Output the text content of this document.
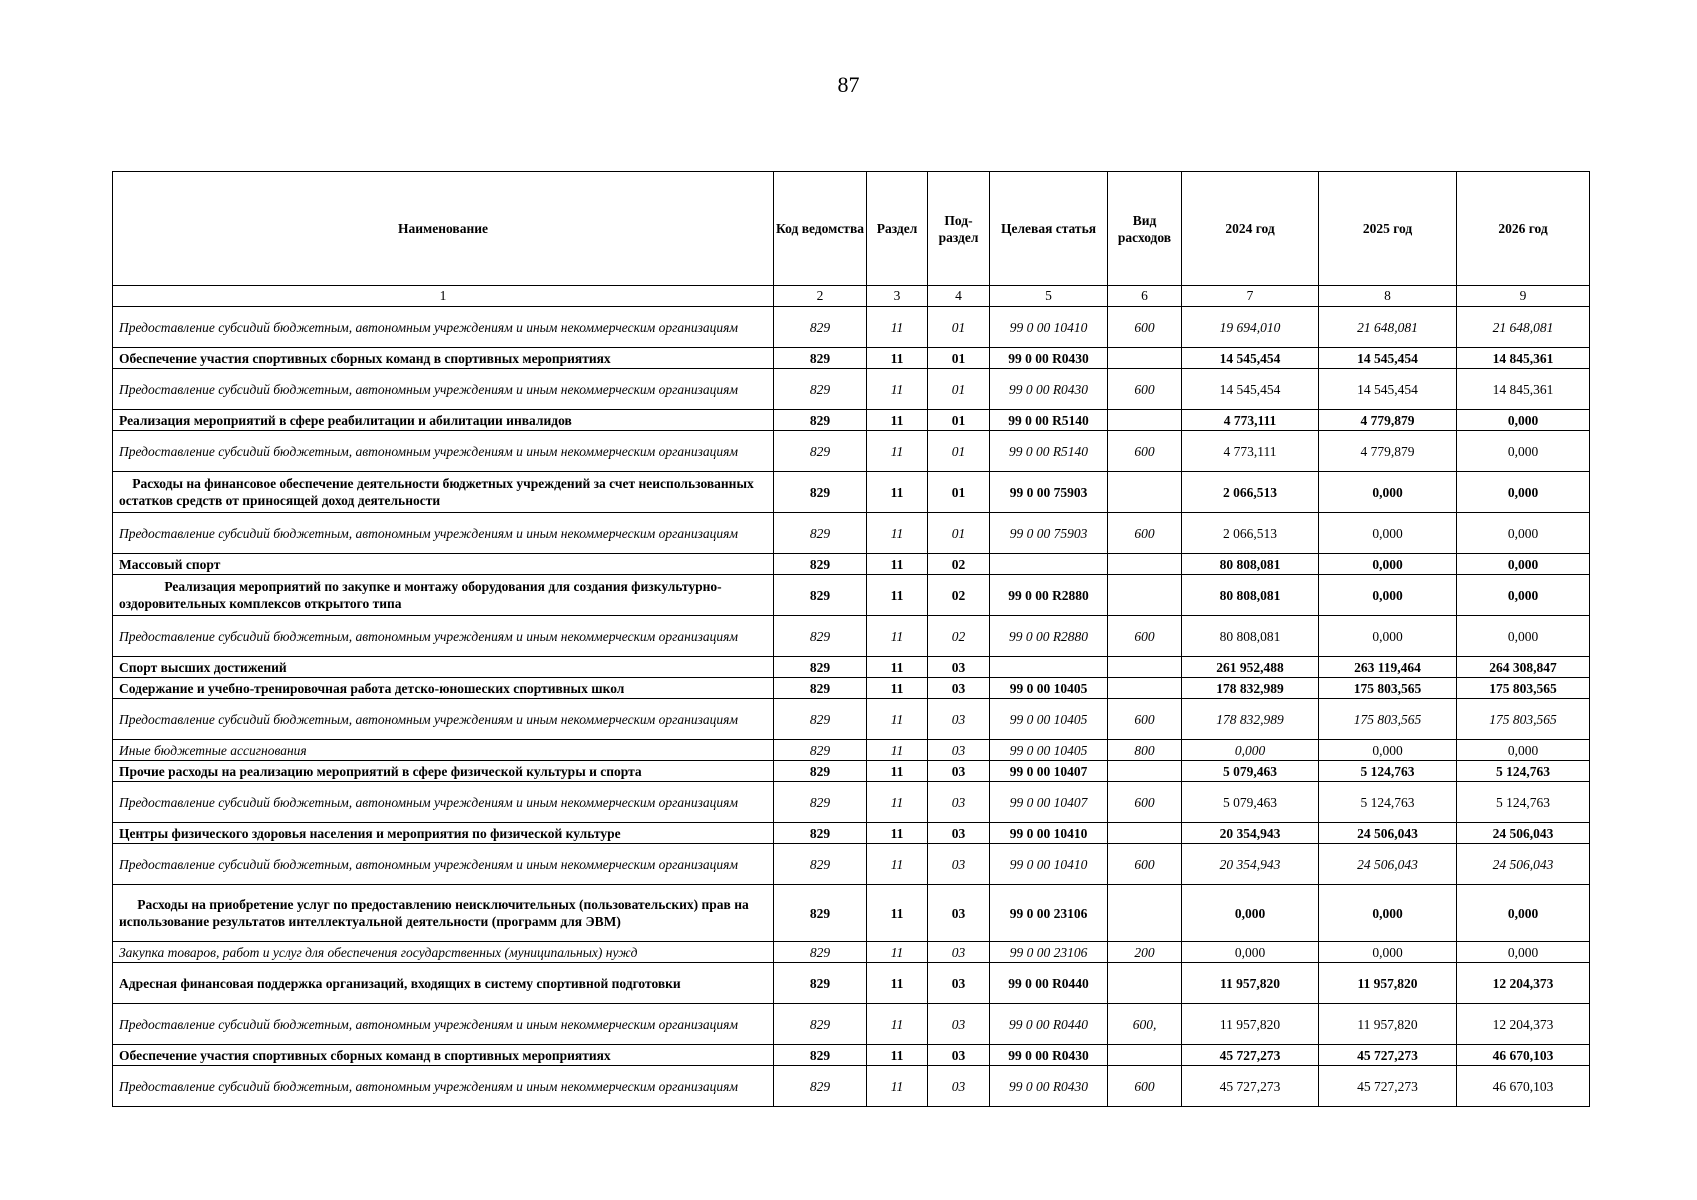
87
Наименование	Код ведомства	Раздел	Под-раздел	Целевая статья	Вид расходов	2024 год	2025 год	2026 год
1	2	3	4	5	6	7	8	9
Предоставление субсидий бюджетным, автономным учреждениям и иным некоммерческим организациям	829	11	01	99 0 00 10410	600	19 694,010	21 648,081	21 648,081
Обеспечение участия спортивных сборных команд в спортивных мероприятиях	829	11	01	99 0 00 R0430		14 545,454	14 545,454	14 845,361
Предоставление субсидий бюджетным, автономным учреждениям и иным некоммерческим организациям	829	11	01	99 0 00 R0430	600	14 545,454	14 545,454	14 845,361
Реализация мероприятий в сфере реабилитации и абилитации инвалидов	829	11	01	99 0 00 R5140		4 773,111	4 779,879	0,000
Предоставление субсидий бюджетным, автономным учреждениям и иным некоммерческим организациям	829	11	01	99 0 00 R5140	600	4 773,111	4 779,879	0,000
Расходы на финансовое обеспечение деятельности бюджетных учреждений за счет неиспользованных остатков средств от приносящей доход деятельности	829	11	01	99 0 00 75903		2 066,513	0,000	0,000
Предоставление субсидий бюджетным, автономным учреждениям и иным некоммерческим организациям	829	11	01	99 0 00 75903	600	2 066,513	0,000	0,000
Массовый спорт	829	11	02			80 808,081	0,000	0,000
Реализация мероприятий по закупке и монтажу оборудования для создания физкультурно-оздоровительных комплексов открытого типа	829	11	02	99 0 00 R2880		80 808,081	0,000	0,000
Предоставление субсидий бюджетным, автономным учреждениям и иным некоммерческим организациям	829	11	02	99 0 00 R2880	600	80 808,081	0,000	0,000
Спорт высших достижений	829	11	03			261 952,488	263 119,464	264 308,847
Содержание и учебно-тренировочная работа детско-юношеских спортивных школ	829	11	03	99 0 00 10405		178 832,989	175 803,565	175 803,565
Предоставление субсидий бюджетным, автономным учреждениям и иным некоммерческим организациям	829	11	03	99 0 00 10405	600	178 832,989	175 803,565	175 803,565
Иные бюджетные ассигнования	829	11	03	99 0 00 10405	800	0,000	0,000	0,000
Прочие расходы на реализацию мероприятий в сфере физической культуры и спорта	829	11	03	99 0 00 10407		5 079,463	5 124,763	5 124,763
Предоставление субсидий бюджетным, автономным учреждениям и иным некоммерческим организациям	829	11	03	99 0 00 10407	600	5 079,463	5 124,763	5 124,763
Центры физического здоровья населения и мероприятия по физической культуре	829	11	03	99 0 00 10410		20 354,943	24 506,043	24 506,043
Предоставление субсидий бюджетным, автономным учреждениям и иным некоммерческим организациям	829	11	03	99 0 00 10410	600	20 354,943	24 506,043	24 506,043
Расходы на приобретение услуг по предоставлению неисключительных (пользовательских) прав на использование результатов интеллектуальной деятельности (программ для ЭВМ)	829	11	03	99 0 00 23106		0,000	0,000	0,000
Закупка товаров, работ и услуг для обеспечения государственных (муниципальных) нужд	829	11	03	99 0 00 23106	200	0,000	0,000	0,000
Адресная финансовая поддержка организаций, входящих в систему спортивной подготовки	829	11	03	99 0 00 R0440		11 957,820	11 957,820	12 204,373
Предоставление субсидий бюджетным, автономным учреждениям и иным некоммерческим организациям	829	11	03	99 0 00 R0440	600,	11 957,820	11 957,820	12 204,373
Обеспечение участия спортивных сборных команд в спортивных мероприятиях	829	11	03	99 0 00 R0430		45 727,273	45 727,273	46 670,103
Предоставление субсидий бюджетным, автономным учреждениям и иным некоммерческим организациям	829	11	03	99 0 00 R0430	600	45 727,273	45 727,273	46 670,103
